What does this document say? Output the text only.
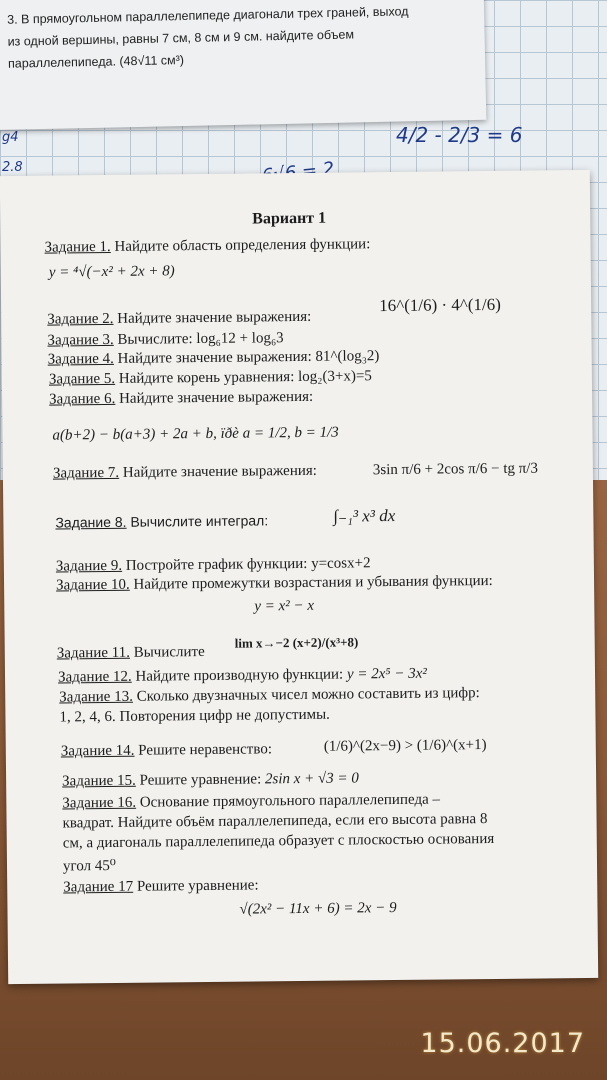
4/2 - 2/3 = 6
2.8
g4
3. В прямоугольном параллелепипеде диагонали трех граней, выход
из одной вершины, равны 7 см, 8 см и 9 см. найдите объем
параллелепипеда. (48√11 см³)
Вариант 1
Задание 1. Найдите область определения функции:
y = ⁴√(−x² + 2x + 8)
Задание 2. Найдите значение выражения:
16^(1/6) · 4^(1/6)
Задание 3. Вычислите: log₆12 + log₆3
Задание 4. Найдите значение выражения: 81^(log₃2)
Задание 5. Найдите корень уравнения: log₂(3+x)=5
Задание 6. Найдите значение выражения:
a(b+2) − b(a+3) + 2a + b, ïðè a = 1/2, b = 1/3
Задание 7. Найдите значение выражения:	3sin π/6 + 2cos π/6 − tg π/3
Задание 8. Вычислите интеграл:	∫₋₁³ x³ dx
Задание 9. Постройте график функции: y=cosx+2
Задание 10. Найдите промежутки возрастания и убывания функции:
y = x² − x
Задание 11. Вычислите
lim x→−2 (x+2)/(x³+8)
Задание 12. Найдите производную функции: y = 2x⁵ − 3x²
Задание 13. Сколько двузначных чисел можно составить из цифр:
1, 2, 4, 6. Повторения цифр не допустимы.
Задание 14. Решите неравенство:	(1/6)^(2x−9) > (1/6)^(x+1)
Задание 15. Решите уравнение: 2sin x + √3 = 0
Задание 16. Основание прямоугольного параллелепипеда –
квадрат. Найдите объём параллелепипеда, если его высота равна 8
см, а диагональ параллелепипеда образует с плоскостью основания
угол 45⁰
Задание 17 Решите уравнение:
√(2x² − 11x + 6) = 2x − 9
15.06.2017
